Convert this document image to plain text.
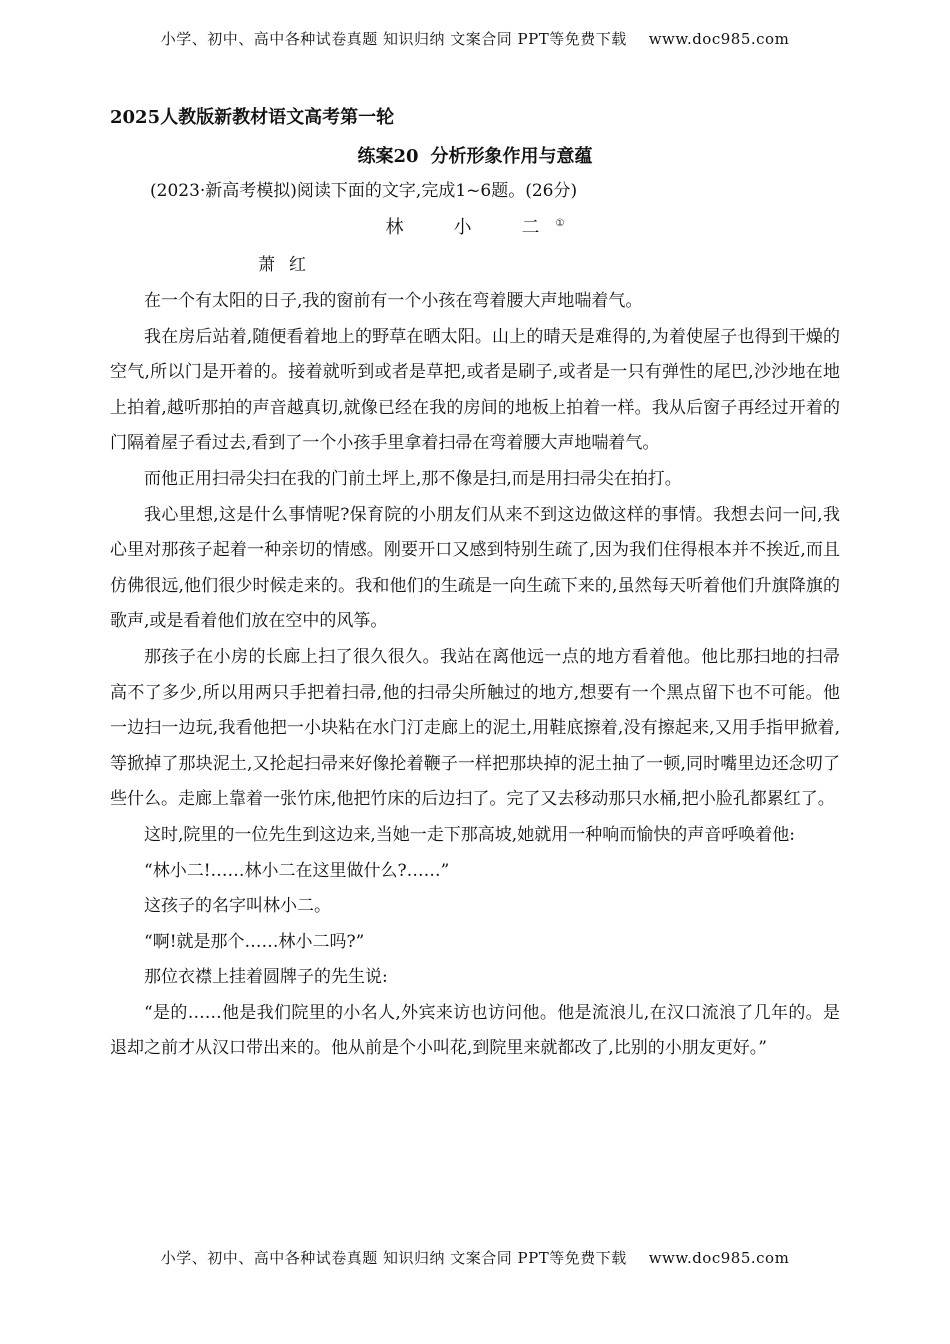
小学、初中、高中各种试卷真题 知识归纳 文案合同 PPT等免费下载 www.doc985.com
2025人教版新教材语文高考第一轮
练案20 分析形象作用与意蕴
(2023·新高考模拟)阅读下面的文字,完成1~6题。(26分)
林　小　二①
萧红

在一个有太阳的日子,我的窗前有一个小孩在弯着腰大声地喘着气。

我在房后站着,随便看着地上的野草在晒太阳。山上的晴天是难得的,为着使屋子也得到干燥的空气,所以门是开着的。接着就听到或者是草把,或者是刷子,或者是一只有弹性的尾巴,沙沙地在地上拍着,越听那拍的声音越真切,就像已经在我的房间的地板上拍着一样。我从后窗子再经过开着的门隔着屋子看过去,看到了一个小孩手里拿着扫帚在弯着腰大声地喘着气。

而他正用扫帚尖扫在我的门前土坪上,那不像是扫,而是用扫帚尖在拍打。

我心里想,这是什么事情呢?保育院的小朋友们从来不到这边做这样的事情。我想去问一问,我心里对那孩子起着一种亲切的情感。刚要开口又感到特别生疏了,因为我们住得根本并不挨近,而且仿佛很远,他们很少时候走来的。我和他们的生疏是一向生疏下来的,虽然每天听着他们升旗降旗的歌声,或是看着他们放在空中的风筝。

那孩子在小房的长廊上扫了很久很久。我站在离他远一点的地方看着他。他比那扫地的扫帚高不了多少,所以用两只手把着扫帚,他的扫帚尖所触过的地方,想要有一个黑点留下也不可能。他一边扫一边玩,我看他把一小块粘在水门汀走廊上的泥土,用鞋底擦着,没有擦起来,又用手指甲掀着,等掀掉了那块泥土,又抡起扫帚来好像抡着鞭子一样把那块掉的泥土抽了一顿,同时嘴里边还念叨了些什么。走廊上靠着一张竹床,他把竹床的后边扫了。完了又去移动那只水桶,把小脸孔都累红了。

这时,院里的一位先生到这边来,当她一走下那高坡,她就用一种响而愉快的声音呼唤着他:

“林小二!……林小二在这里做什么?……”

这孩子的名字叫林小二。

“啊!就是那个……林小二吗?”

那位衣襟上挂着圆牌子的先生说:

“是的……他是我们院里的小名人,外宾来访也访问他。他是流浪儿,在汉口流浪了几年的。是退却之前才从汉口带出来的。他从前是个小叫花,到院里来就都改了,比别的小朋友更好。”

小学、初中、高中各种试卷真题 知识归纳 文案合同 PPT等免费下载 www.doc985.com
